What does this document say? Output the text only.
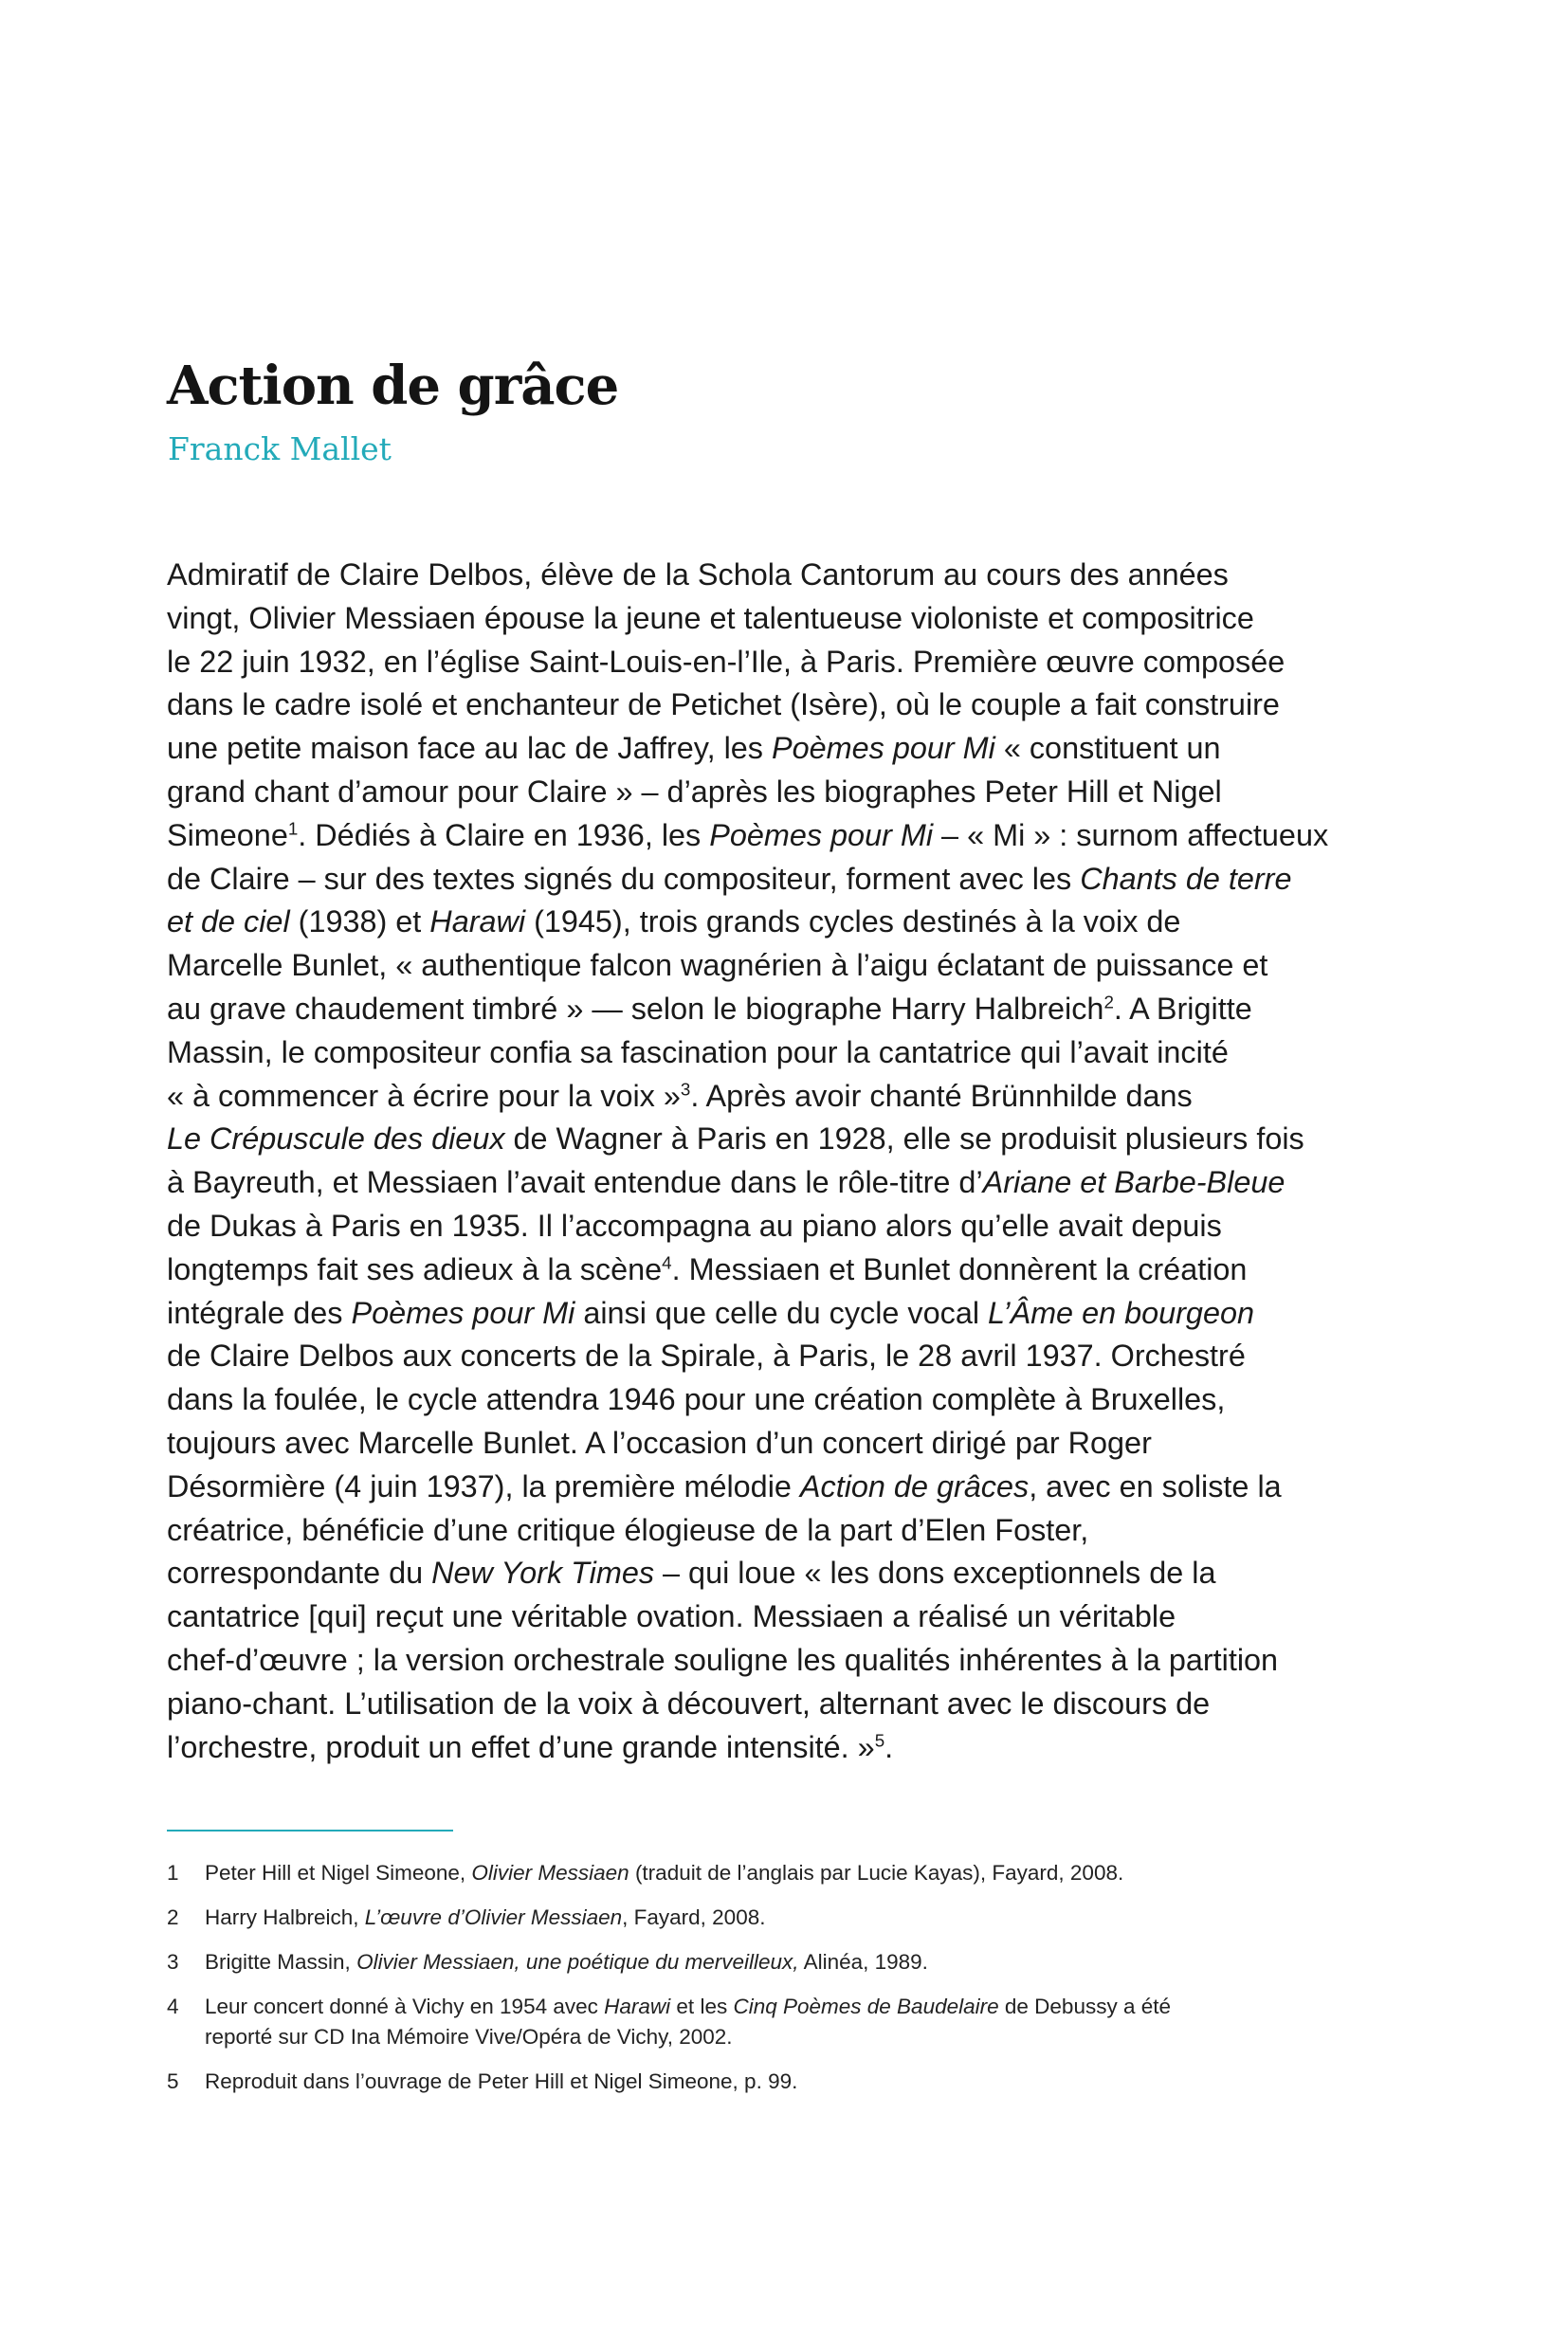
Action de grâce
Franck Mallet
Admiratif de Claire Delbos, élève de la Schola Cantorum au cours des années
vingt, Olivier Messiaen épouse la jeune et talentueuse violoniste et compositrice
le 22 juin 1932, en l’église Saint-Louis-en-l’Ile, à Paris. Première œuvre composée
dans le cadre isolé et enchanteur de Petichet (Isère), où le couple a fait construire
une petite maison face au lac de Jaffrey, les Poèmes pour Mi « constituent un
grand chant d’amour pour Claire » – d’après les biographes Peter Hill et Nigel
Simeone$^1$. Dédiés à Claire en 1936, les Poèmes pour Mi – « Mi » : surnom affectueux
de Claire – sur des textes signés du compositeur, forment avec les Chants de terre
et de ciel (1938) et Harawi (1945), trois grands cycles destinés à la voix de
Marcelle Bunlet, « authentique falcon wagnérien à l’aigu éclatant de puissance et
au grave chaudement timbré » — selon le biographe Harry Halbreich$^2$. A Brigitte
Massin, le compositeur confia sa fascination pour la cantatrice qui l’avait incité
« à commencer à écrire pour la voix »$^3$. Après avoir chanté Brünnhilde dans
Le Crépuscule des dieux de Wagner à Paris en 1928, elle se produisit plusieurs fois
à Bayreuth, et Messiaen l’avait entendue dans le rôle-titre d’Ariane et Barbe-Bleue
de Dukas à Paris en 1935. Il l’accompagna au piano alors qu’elle avait depuis
longtemps fait ses adieux à la scène$^4$. Messiaen et Bunlet donnèrent la création
intégrale des Poèmes pour Mi ainsi que celle du cycle vocal L’Âme en bourgeon
de Claire Delbos aux concerts de la Spirale, à Paris, le 28 avril 1937. Orchestré
dans la foulée, le cycle attendra 1946 pour une création complète à Bruxelles,
toujours avec Marcelle Bunlet. A l’occasion d’un concert dirigé par Roger
Désormière (4 juin 1937), la première mélodie Action de grâces, avec en soliste la
créatrice, bénéficie d’une critique élogieuse de la part d’Elen Foster,
correspondante du New York Times – qui loue « les dons exceptionnels de la
cantatrice [qui] reçut une véritable ovation. Messiaen a réalisé un véritable
chef-d’œuvre ; la version orchestrale souligne les qualités inhérentes à la partition
piano-chant. L’utilisation de la voix à découvert, alternant avec le discours de
l’orchestre, produit un effet d’une grande intensité. »$^5$.
1 Peter Hill et Nigel Simeone, Olivier Messiaen (traduit de l’anglais par Lucie Kayas), Fayard, 2008.
2 Harry Halbreich, L’œuvre d’Olivier Messiaen, Fayard, 2008.
3 Brigitte Massin, Olivier Messiaen, une poétique du merveilleux, Alinéa, 1989.
4 Leur concert donné à Vichy en 1954 avec Harawi et les Cinq Poèmes de Baudelaire de Debussy a été
reporté sur CD Ina Mémoire Vive/Opéra de Vichy, 2002.
5 Reproduit dans l’ouvrage de Peter Hill et Nigel Simeone, p. 99.
